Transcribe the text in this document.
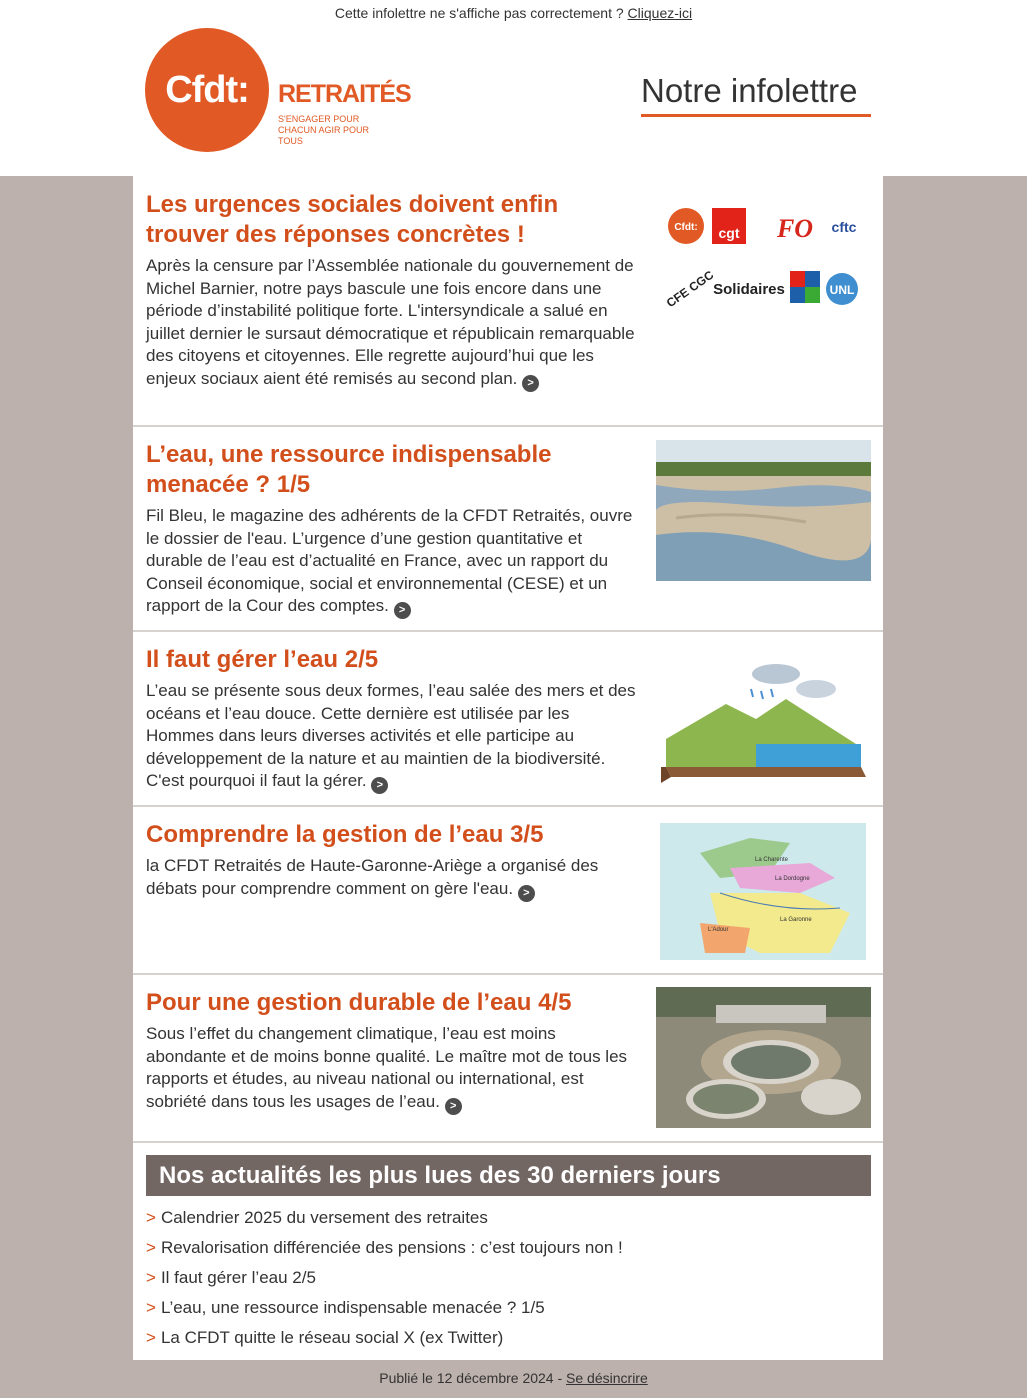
Cette infolettre ne s'affiche pas correctement ? Cliquez-ici
Cfdt:	RETRAITÉS
S'ENGAGER POUR CHACUN AGIR POUR TOUS
Notre infolettre
Les urgences sociales doivent enfin trouver des réponses concrètes !

Après la censure par l’Assemblée nationale du gouvernement de Michel Barnier, notre pays bascule une fois encore dans une période d’instabilité politique forte. L'intersyndicale a salué en juillet dernier le sursaut démocratique et républicain remarquable des citoyens et citoyennes. Elle regrette aujourd’hui que les enjeux sociaux aient été remisés au second plan. >

Cfdt: cgt FO cftc
CFE CGC
Solidaires	UNL
L’eau, une ressource indispensable menacée ? 1/5

Fil Bleu, le magazine des adhérents de la CFDT Retraités, ouvre le dossier de l'eau. L’urgence d’une gestion quantitative et durable de l’eau est d’actualité en France, avec un rapport du Conseil économique, social et environnemental (CESE) et un rapport de la Cour des comptes. >

Il faut gérer l’eau 2/5

L’eau se présente sous deux formes, l’eau salée des mers et des océans et l’eau douce. Cette dernière est utilisée par les Hommes dans leurs diverses activités et elle participe au développement de la nature et au maintien de la biodiversité. C'est pourquoi il faut la gérer. >

Comprendre la gestion de l’eau 3/5

la CFDT Retraités de Haute-Garonne-Ariège a organisé des débats pour comprendre comment on gère l'eau. >

La Charente
La Dordogne
La Garonne
L'Adour
Pour une gestion durable de l’eau 4/5

Sous l’effet du changement climatique, l’eau est moins abondante et de moins bonne qualité. Le maître mot de tous les rapports et études, au niveau national ou international, est sobriété dans tous les usages de l’eau. >

Nos actualités les plus lues des 30 derniers jours
> Calendrier 2025 du versement des retraites
> Revalorisation différenciée des pensions : c’est toujours non !
> Il faut gérer l’eau 2/5
> L’eau, une ressource indispensable menacée ? 1/5
> La CFDT quitte le réseau social X (ex Twitter)
Publié le 12 décembre 2024 - Se désincrire
